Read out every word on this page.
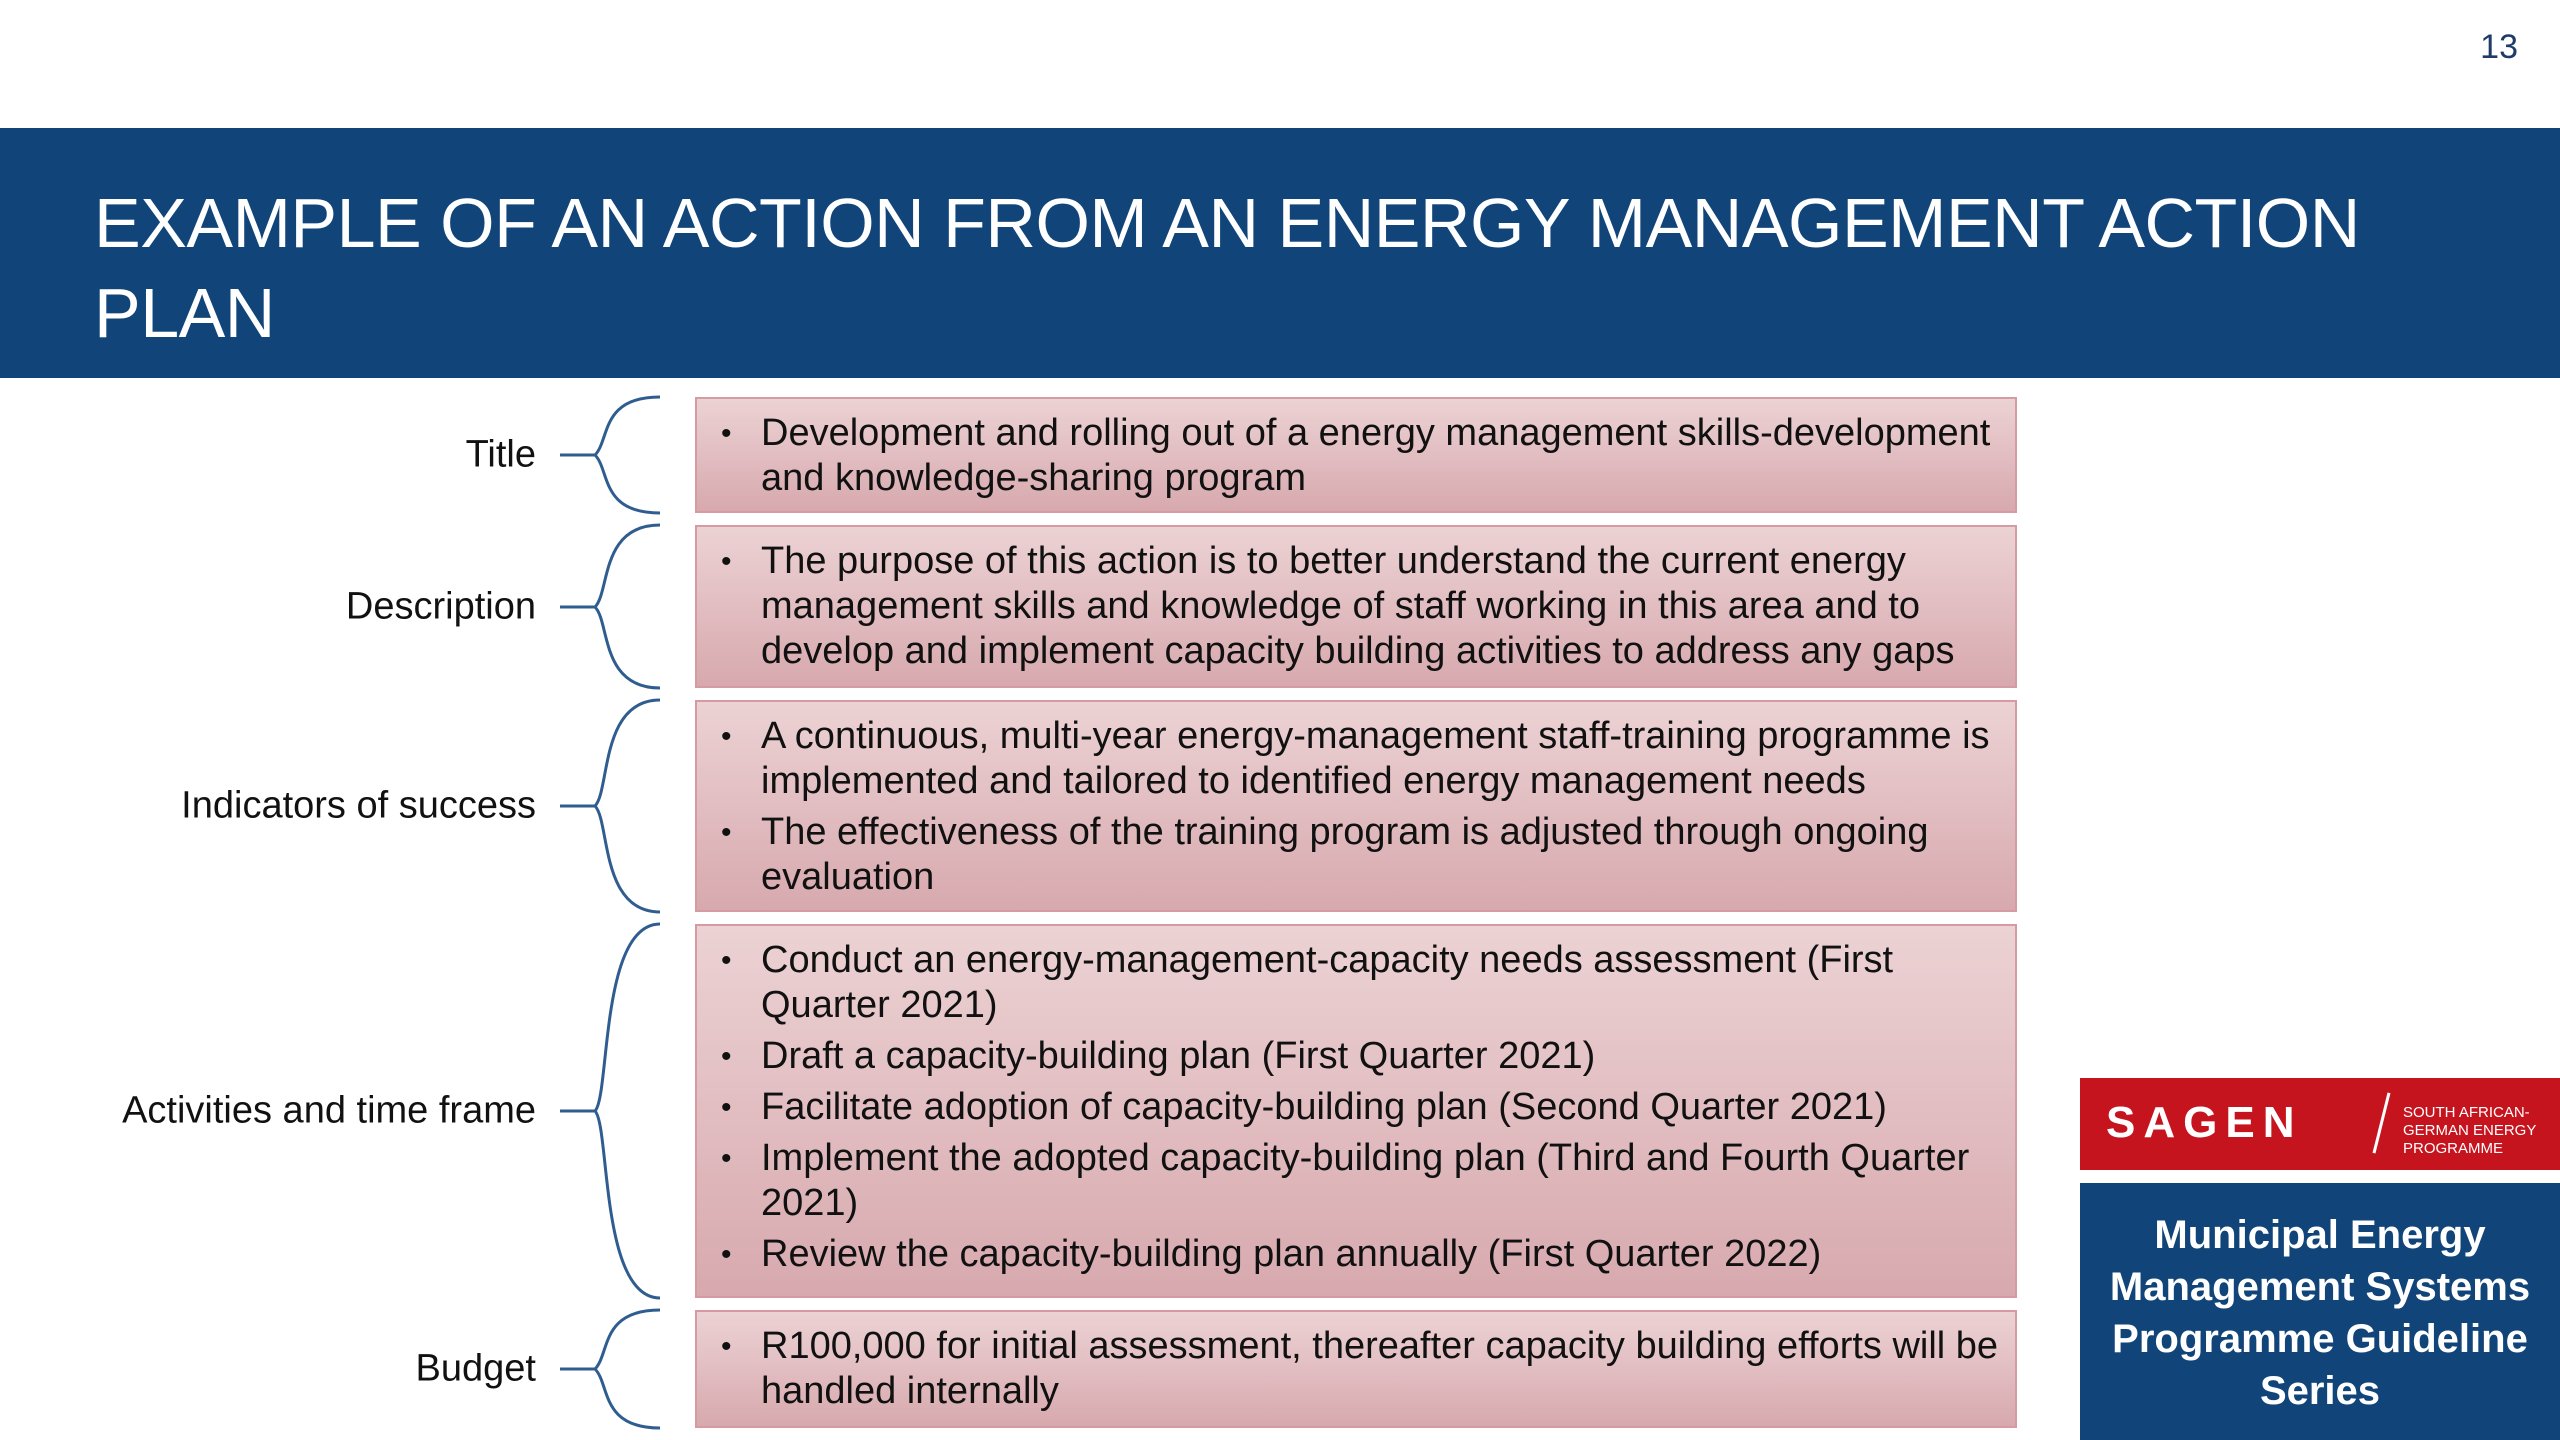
13
EXAMPLE OF AN ACTION FROM AN ENERGY MANAGEMENT ACTION PLAN
Title
Description
Indicators of success
Activities and time frame
Budget
• Development and rolling out of a energy management skills-development and knowledge-sharing program
• The purpose of this action is to better understand the current energy management skills and knowledge of staff working in this area and to develop and implement capacity building activities to address any gaps
• A continuous, multi-year energy-management staff-training programme is implemented and tailored to identified energy management needs
• The effectiveness of the training program is adjusted through ongoing evaluation
• Conduct an energy-management-capacity needs assessment (First Quarter 2021)
• Draft a capacity-building plan (First Quarter 2021)
• Facilitate adoption of capacity-building plan (Second Quarter 2021)
• Implement the adopted capacity-building plan (Third and Fourth Quarter 2021)
• Review the capacity-building plan annually (First Quarter 2022)
• R100,000 for initial assessment, thereafter capacity building efforts will be handled internally
SAGEN	SOUTH AFRICAN-GERMAN ENERGY PROGRAMME
Municipal Energy Management Systems Programme Guideline Series
